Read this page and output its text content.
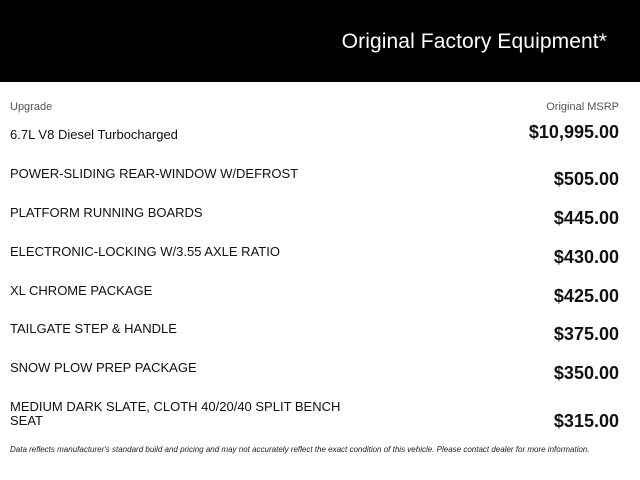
Original Factory Equipment*
Upgrade	Original MSRP
6.7L V8 Diesel Turbocharged	$10,995.00
POWER-SLIDING REAR-WINDOW W/DEFROST	$505.00
PLATFORM RUNNING BOARDS	$445.00
ELECTRONIC-LOCKING W/3.55 AXLE RATIO	$430.00
XL CHROME PACKAGE	$425.00
TAILGATE STEP & HANDLE	$375.00
SNOW PLOW PREP PACKAGE	$350.00
MEDIUM DARK SLATE, CLOTH 40/20/40 SPLIT BENCH SEAT	$315.00
Data reflects manufacturer's standard build and pricing and may not accurately reflect the exact condition of this vehicle. Please contact dealer for more information.
